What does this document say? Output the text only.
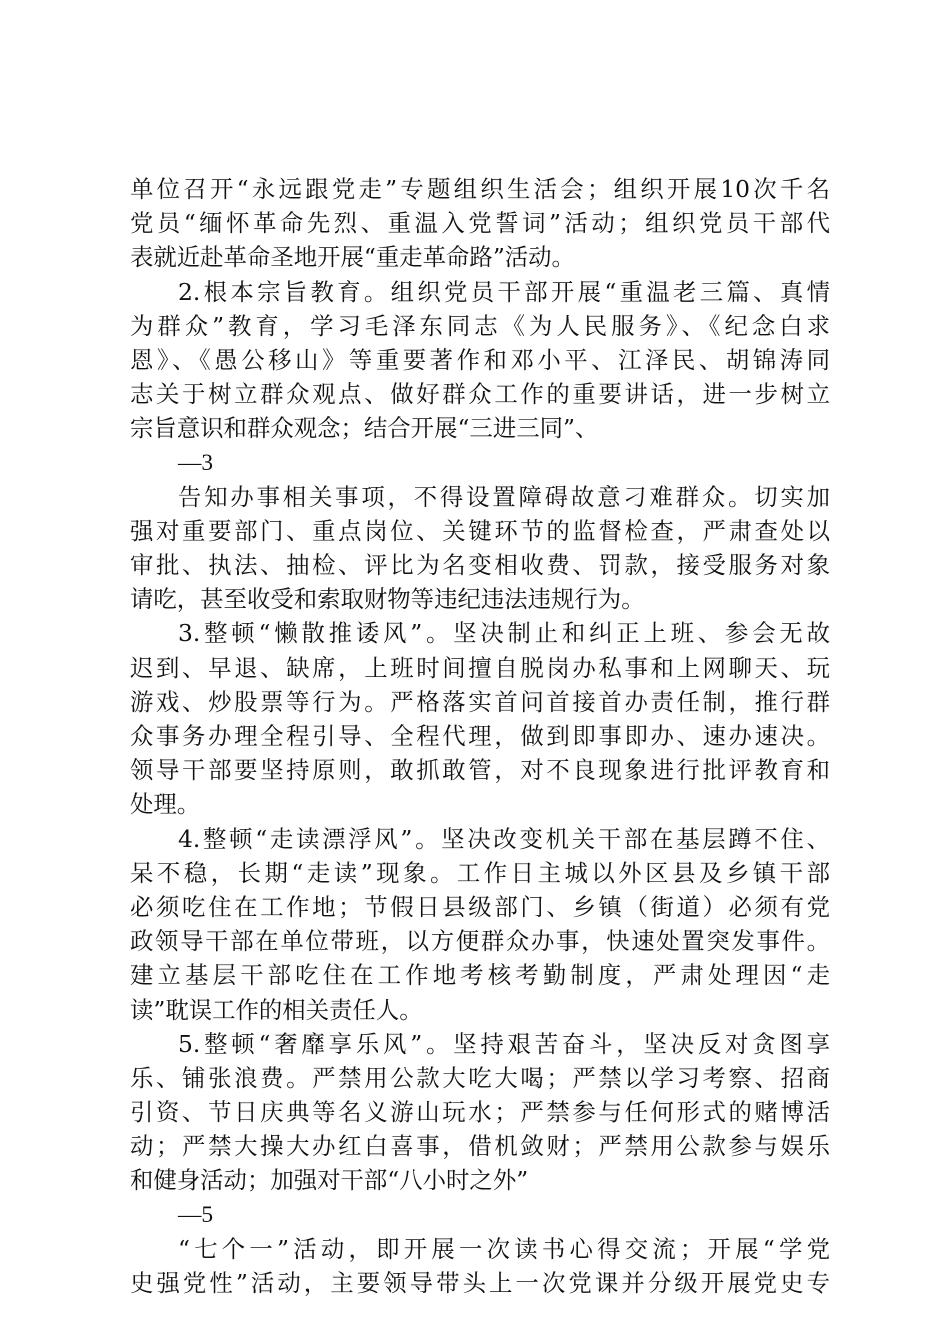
单位召开“永远跟党走”专题组织生活会；组织开展10次千名
党员“缅怀革命先烈、重温入党誓词”活动；组织党员干部代
表就近赴革命圣地开展“重走革命路”活动。
2.根本宗旨教育。组织党员干部开展“重温老三篇、真情
为群众”教育，学习毛泽东同志《为人民服务》、《纪念白求
恩》、《愚公移山》等重要著作和邓小平、江泽民、胡锦涛同
志关于树立群众观点、做好群众工作的重要讲话，进一步树立
宗旨意识和群众观念；结合开展“三进三同”、
—3
告知办事相关事项，不得设置障碍故意刁难群众。切实加
强对重要部门、重点岗位、关键环节的监督检查，严肃查处以
审批、执法、抽检、评比为名变相收费、罚款，接受服务对象
请吃，甚至收受和索取财物等违纪违法违规行为。
3.整顿“懒散推诿风”。坚决制止和纠正上班、参会无故
迟到、早退、缺席，上班时间擅自脱岗办私事和上网聊天、玩
游戏、炒股票等行为。严格落实首问首接首办责任制，推行群
众事务办理全程引导、全程代理，做到即事即办、速办速决。
领导干部要坚持原则，敢抓敢管，对不良现象进行批评教育和
处理。
4.整顿“走读漂浮风”。坚决改变机关干部在基层蹲不住、
呆不稳，长期“走读”现象。工作日主城以外区县及乡镇干部
必须吃住在工作地；节假日县级部门、乡镇（街道）必须有党
政领导干部在单位带班，以方便群众办事，快速处置突发事件。
建立基层干部吃住在工作地考核考勤制度，严肃处理因“走
读”耽误工作的相关责任人。
5.整顿“奢靡享乐风”。坚持艰苦奋斗，坚决反对贪图享
乐、铺张浪费。严禁用公款大吃大喝；严禁以学习考察、招商
引资、节日庆典等名义游山玩水；严禁参与任何形式的赌博活
动；严禁大操大办红白喜事，借机敛财；严禁用公款参与娱乐
和健身活动；加强对干部“八小时之外”
—5
“七个一”活动，即开展一次读书心得交流；开展“学党
史强党性”活动，主要领导带头上一次党课并分级开展党史专
